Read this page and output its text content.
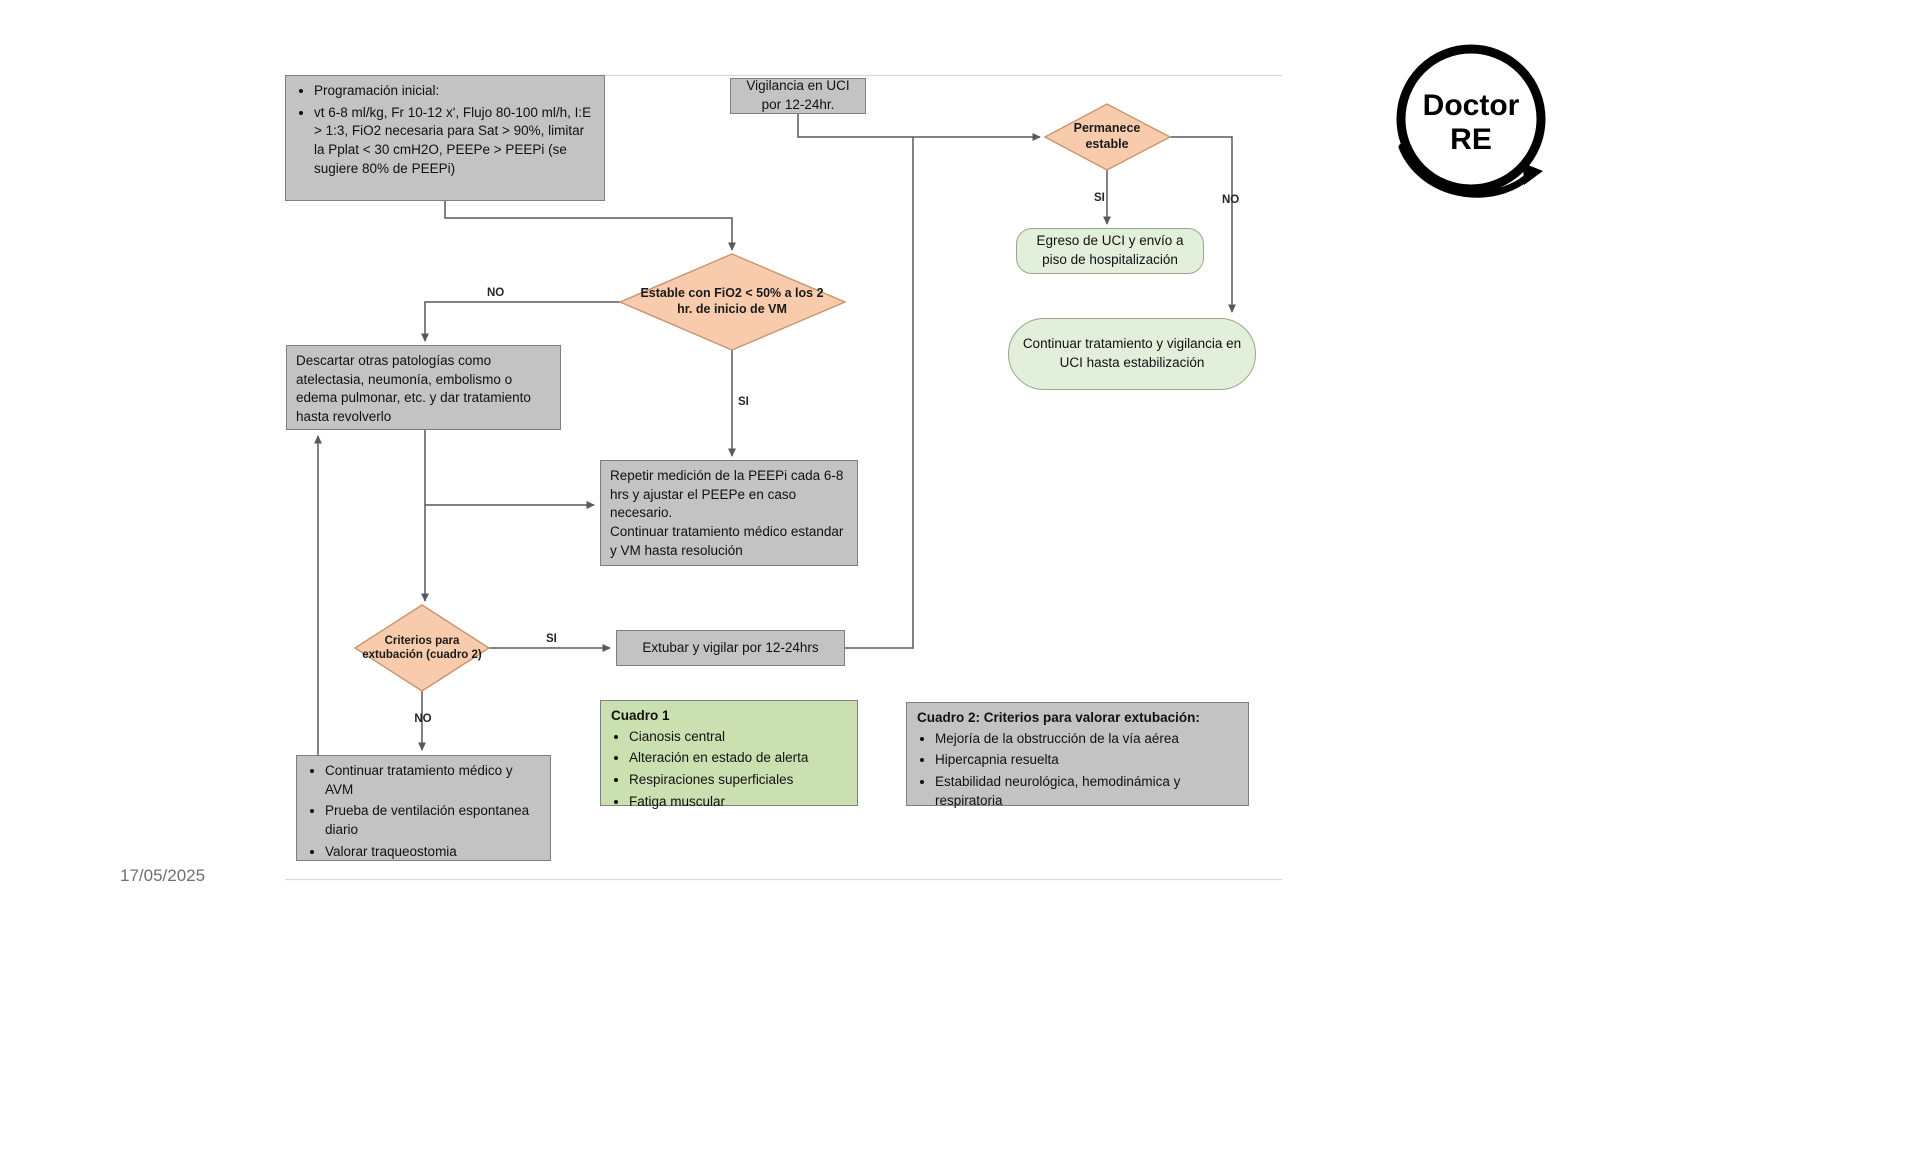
• Programación inicial:
• vt 6-8 ml/kg, Fr 10-12 x', Flujo 80-100 ml/h, I:E > 1:3, FiO2 necesaria para Sat > 90%, limitar la Pplat < 30 cmH2O, PEEPe > PEEPi (se sugiere 80% de PEEPi)
Vigilancia en UCI por 12-24hr.
Egreso de UCI y envío a piso de hospitalización
Continuar tratamiento y vigilancia en UCI hasta estabilización
Descartar otras patologías como atelectasia, neumonía, embolismo o edema pulmonar, etc. y dar tratamiento hasta revolverlo
Repetir medición de la PEEPi cada 6-8 hrs y ajustar el PEEPe en caso necesario.
Continuar tratamiento médico estandar y VM hasta resolución
Extubar y vigilar por 12-24hrs
• Continuar tratamiento médico y AVM
• Prueba de ventilación espontanea diario
• Valorar traqueostomia
Cuadro 1
• Cianosis central
• Alteración en estado de alerta
• Respiraciones superficiales
• Fatiga muscular
Cuadro 2: Criterios para valorar extubación:
• Mejoría de la obstrucción de la vía aérea
• Hipercapnia resuelta
• Estabilidad neurológica, hemodinámica y respiratoria
Permanece estable
Estable con FiO2 < 50% a los 2 hr. de inicio de VM
Criterios para extubación (cuadro 2)
NO
SI
SI
NO
SI	NO
17/05/2025
Doctor
RE
